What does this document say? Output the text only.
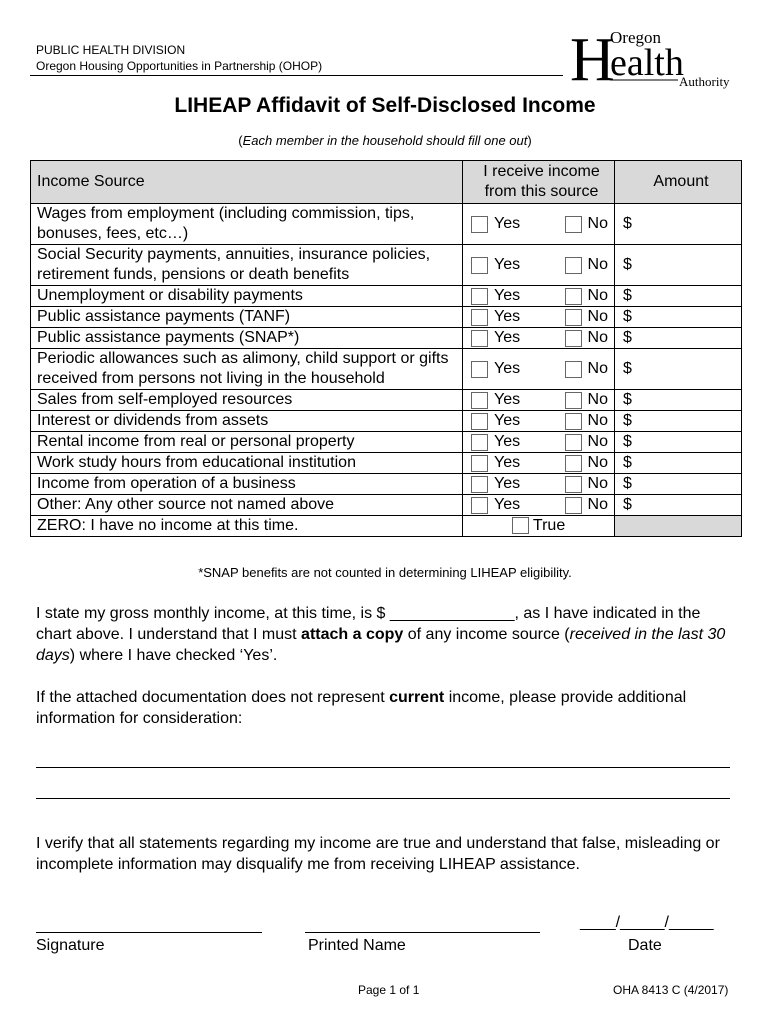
PUBLIC HEALTH DIVISION
Oregon Housing Opportunities in Partnership (OHOP)	H
Oregon
ealth
Authority
LIHEAP Affidavit of Self-Disclosed Income
(Each member in the household should fill one out)
Income Source	I receive income from this source	Amount
Wages from employment (including commission, tips, bonuses, fees, etc…)	Yes No	$
Social Security payments, annuities, insurance policies, retirement funds, pensions or death benefits	Yes No	$
Unemployment or disability payments	Yes No	$
Public assistance payments (TANF)	Yes No	$
Public assistance payments (SNAP*)	Yes No	$
Periodic allowances such as alimony, child support or gifts received from persons not living in the household	Yes No	$
Sales from self-employed resources	Yes No	$
Interest or dividends from assets	Yes No	$
Rental income from real or personal property	Yes No	$
Work study hours from educational institution	Yes No	$
Income from operation of a business	Yes No	$
Other: Any other source not named above	Yes No	$
ZERO: I have no income at this time.	True	
*SNAP benefits are not counted in determining LIHEAP eligibility.
I state my gross monthly income, at this time, is $ ______________, as I have indicated in the chart above. I understand that I must attach a copy of any income source (received in the last 30 days) where I have checked ‘Yes’.
If the attached documentation does not represent current income, please provide additional information for consideration:
I verify that all statements regarding my income are true and understand that false, misleading or incomplete information may disqualify me from receiving LIHEAP assistance.
____/_____/_____
Signature	Printed Name	Date
Page 1 of 1	OHA 8413 C (4/2017)
